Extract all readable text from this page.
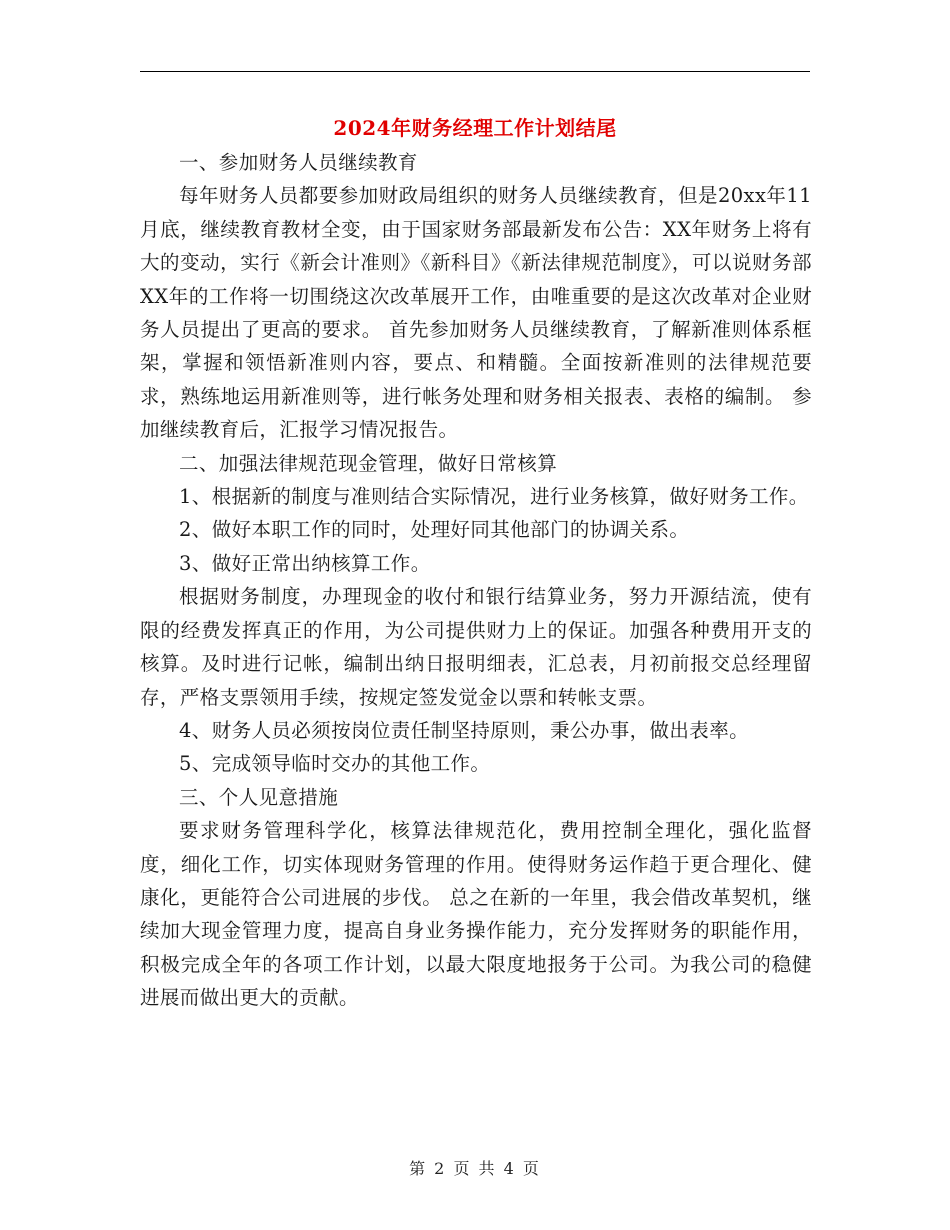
2024年财务经理工作计划结尾

一、参加财务人员继续教育

每年财务人员都要参加财政局组织的财务人员继续教育，但是20xx年11月底，继续教育教材全变，由于国家财务部最新发布公告：XX年财务上将有大的变动，实行《新会计准则》《新科目》《新法律规范制度》，可以说财务部XX年的工作将一切围绕这次改革展开工作，由唯重要的是这次改革对企业财务人员提出了更高的要求。 首先参加财务人员继续教育，了解新准则体系框架，掌握和领悟新准则内容，要点、和精髓。全面按新准则的法律规范要求，熟练地运用新准则等，进行帐务处理和财务相关报表、表格的编制。 参加继续教育后，汇报学习情况报告。

二、加强法律规范现金管理，做好日常核算

1、根据新的制度与准则结合实际情况，进行业务核算，做好财务工作。

2、做好本职工作的同时，处理好同其他部门的协调关系。

3、做好正常出纳核算工作。

根据财务制度，办理现金的收付和银行结算业务，努力开源结流，使有限的经费发挥真正的作用，为公司提供财力上的保证。加强各种费用开支的核算。及时进行记帐，编制出纳日报明细表，汇总表，月初前报交总经理留存，严格支票领用手续，按规定签发觉金以票和转帐支票。

4、财务人员必须按岗位责任制坚持原则，秉公办事，做出表率。

5、完成领导临时交办的其他工作。

三、个人见意措施

要求财务管理科学化，核算法律规范化，费用控制全理化，强化监督度，细化工作，切实体现财务管理的作用。使得财务运作趋于更合理化、健康化，更能符合公司进展的步伐。 总之在新的一年里，我会借改革契机，继续加大现金管理力度，提高自身业务操作能力，充分发挥财务的职能作用，积极完成全年的各项工作计划，以最大限度地报务于公司。为我公司的稳健进展而做出更大的贡献。

第 2 页 共 4 页
